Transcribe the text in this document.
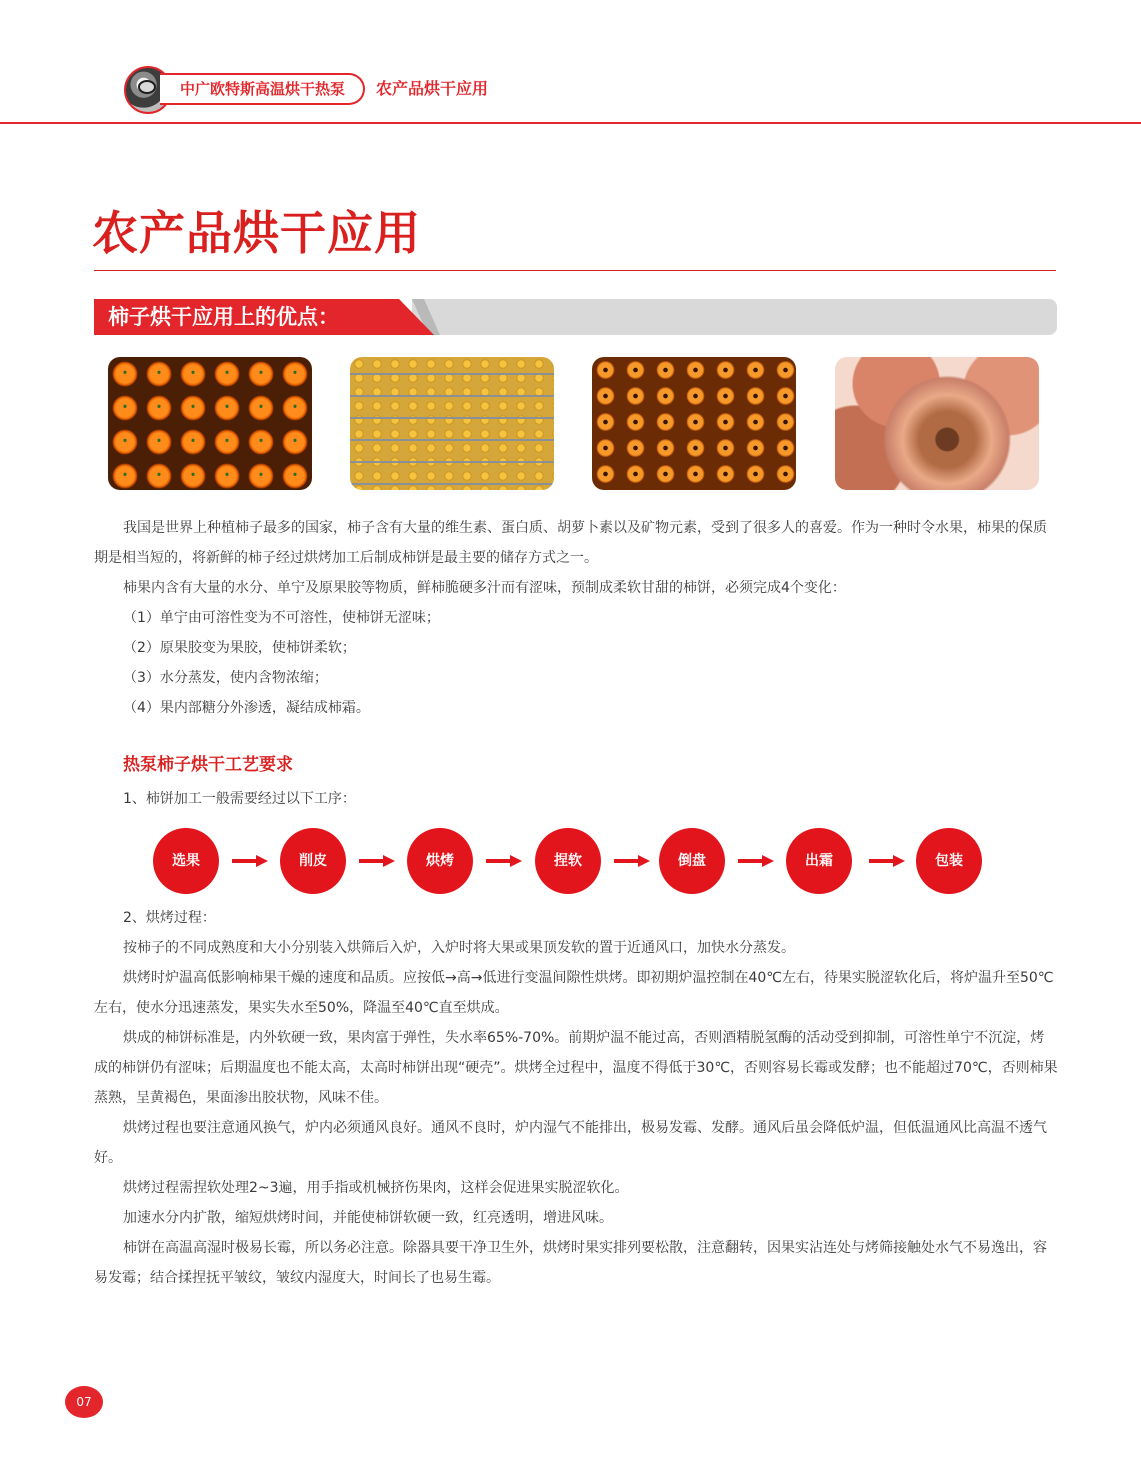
中广欧特斯高温烘干热泵	农产品烘干应用
农产品烘干应用
柿子烘干应用上的优点：

我国是世界上种植柿子最多的国家，柿子含有大量的维生素、蛋白质、胡萝卜素以及矿物元素，受到了很多人的喜爱。作为一种时令水果，柿果的保质期是相当短的，将新鲜的柿子经过烘烤加工后制成柿饼是最主要的储存方式之一。

柿果内含有大量的水分、单宁及原果胶等物质，鲜柿脆硬多汁而有涩味，预制成柔软甘甜的柿饼，必须完成4个变化：

（1）单宁由可溶性变为不可溶性，使柿饼无涩味；

（2）原果胶变为果胶，使柿饼柔软；

（3）水分蒸发，使内含物浓缩；

（4）果内部糖分外渗透，凝结成柿霜。

热泵柿子烘干工艺要求

1、柿饼加工一般需要经过以下工序：

选果	削皮	烘烤	捏软	倒盘	出霜	包装

2、烘烤过程：

按柿子的不同成熟度和大小分别装入烘筛后入炉，入炉时将大果或果顶发软的置于近通风口，加快水分蒸发。

烘烤时炉温高低影响柿果干燥的速度和品质。应按低→高→低进行变温间隙性烘烤。即初期炉温控制在40℃左右，待果实脱涩软化后，将炉温升至50℃左右，使水分迅速蒸发，果实失水至50%，降温至40℃直至烘成。

烘成的柿饼标准是，内外软硬一致，果肉富于弹性，失水率65%-70%。前期炉温不能过高，否则酒精脱氢酶的活动受到抑制，可溶性单宁不沉淀，烤成的柿饼仍有涩味；后期温度也不能太高，太高时柿饼出现“硬壳”。烘烤全过程中，温度不得低于30℃，否则容易长霉或发酵；也不能超过70℃，否则柿果蒸熟，呈黄褐色，果面渗出胶状物，风味不佳。

烘烤过程也要注意通风换气，炉内必须通风良好。通风不良时，炉内湿气不能排出，极易发霉、发酵。通风后虽会降低炉温，但低温通风比高温不透气好。

烘烤过程需捏软处理2~3遍，用手指或机械挤伤果肉，这样会促进果实脱涩软化。

加速水分内扩散，缩短烘烤时间，并能使柿饼软硬一致，红亮透明，增进风味。

柿饼在高温高湿时极易长霉，所以务必注意。除器具要干净卫生外，烘烤时果实排列要松散，注意翻转，因果实沾连处与烤筛接触处水气不易逸出，容易发霉；结合揉捏抚平皱纹，皱纹内湿度大，时间长了也易生霉。

07
